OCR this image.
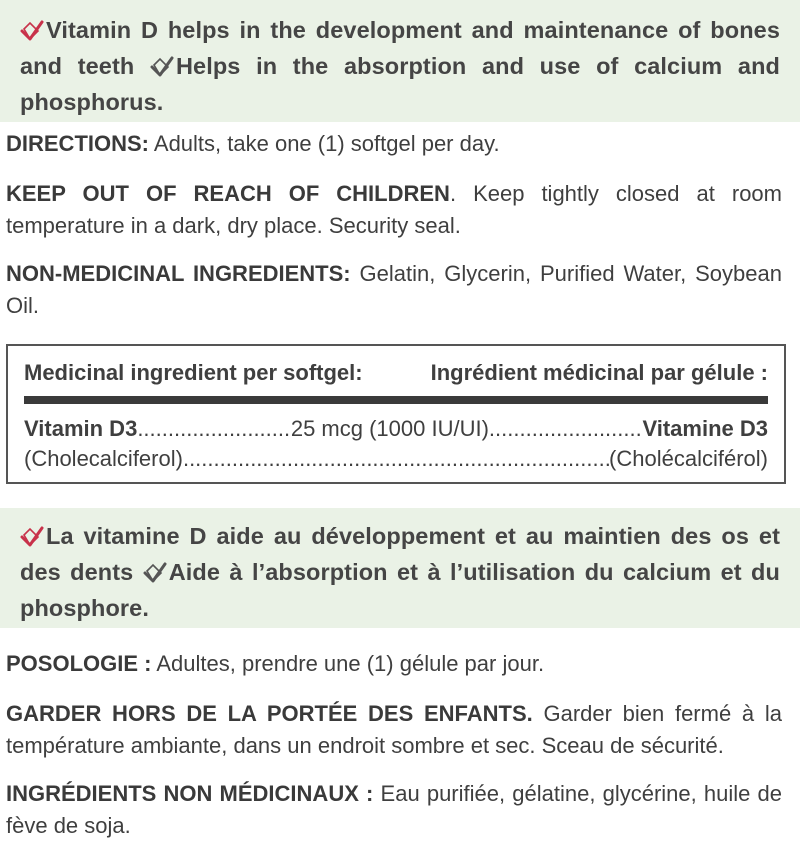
Vitamin D helps in the development and maintenance of bones and teeth Helps in the absorption and use of calcium and phosphorus.
DIRECTIONS: Adults, take one (1) softgel per day.
KEEP OUT OF REACH OF CHILDREN. Keep tightly closed at room temperature in a dark, dry place. Security seal.
NON-MEDICINAL INGREDIENTS: Gelatin, Glycerin, Purified Water, Soybean Oil.
Medicinal ingredient per softgel:	Ingrédient médicinal par gélule :
Vitamin D3 .....	25 mcg (1000 IU/UI) .....	Vitamine D3
(Cholecalciferol) .....	(Cholécalciférol)
La vitamine D aide au développement et au maintien des os et des dents Aide à l’absorption et à l’utilisation du calcium et du phosphore.
POSOLOGIE : Adultes, prendre une (1) gélule par jour.
GARDER HORS DE LA PORTÉE DES ENFANTS. Garder bien fermé à la température ambiante, dans un endroit sombre et sec. Sceau de sécurité.
INGRÉDIENTS NON MÉDICINAUX : Eau purifiée, gélatine, glycérine, huile de fève de soja.
